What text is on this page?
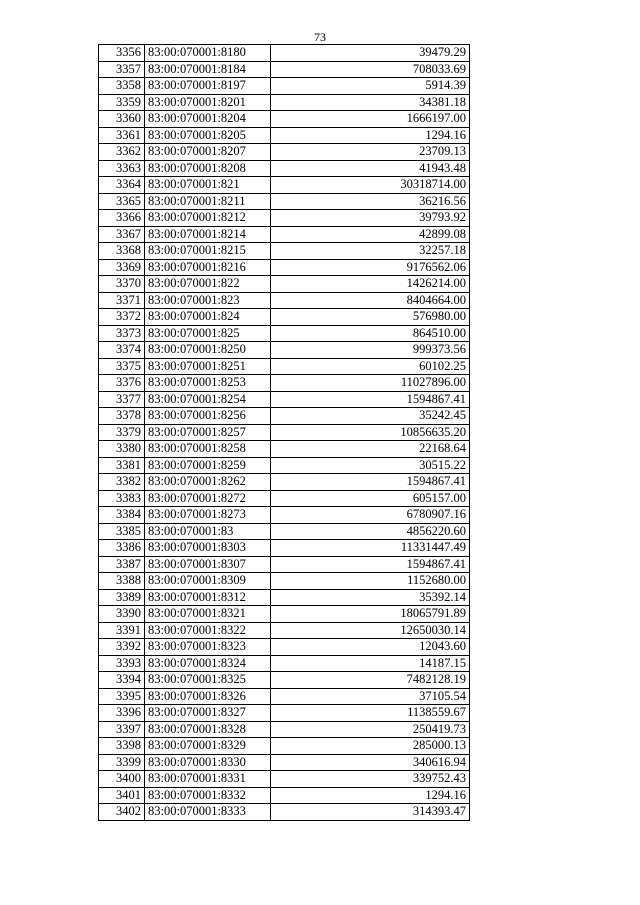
73
3356	83:00:070001:8180	39479.29
3357	83:00:070001:8184	708033.69
3358	83:00:070001:8197	5914.39
3359	83:00:070001:8201	34381.18
3360	83:00:070001:8204	1666197.00
3361	83:00:070001:8205	1294.16
3362	83:00:070001:8207	23709.13
3363	83:00:070001:8208	41943.48
3364	83:00:070001:821	30318714.00
3365	83:00:070001:8211	36216.56
3366	83:00:070001:8212	39793.92
3367	83:00:070001:8214	42899.08
3368	83:00:070001:8215	32257.18
3369	83:00:070001:8216	9176562.06
3370	83:00:070001:822	1426214.00
3371	83:00:070001:823	8404664.00
3372	83:00:070001:824	576980.00
3373	83:00:070001:825	864510.00
3374	83:00:070001:8250	999373.56
3375	83:00:070001:8251	60102.25
3376	83:00:070001:8253	11027896.00
3377	83:00:070001:8254	1594867.41
3378	83:00:070001:8256	35242.45
3379	83:00:070001:8257	10856635.20
3380	83:00:070001:8258	22168.64
3381	83:00:070001:8259	30515.22
3382	83:00:070001:8262	1594867.41
3383	83:00:070001:8272	605157.00
3384	83:00:070001:8273	6780907.16
3385	83:00:070001:83	4856220.60
3386	83:00:070001:8303	11331447.49
3387	83:00:070001:8307	1594867.41
3388	83:00:070001:8309	1152680.00
3389	83:00:070001:8312	35392.14
3390	83:00:070001:8321	18065791.89
3391	83:00:070001:8322	12650030.14
3392	83:00:070001:8323	12043.60
3393	83:00:070001:8324	14187.15
3394	83:00:070001:8325	7482128.19
3395	83:00:070001:8326	37105.54
3396	83:00:070001:8327	1138559.67
3397	83:00:070001:8328	250419.73
3398	83:00:070001:8329	285000.13
3399	83:00:070001:8330	340616.94
3400	83:00:070001:8331	339752.43
3401	83:00:070001:8332	1294.16
3402	83:00:070001:8333	314393.47
